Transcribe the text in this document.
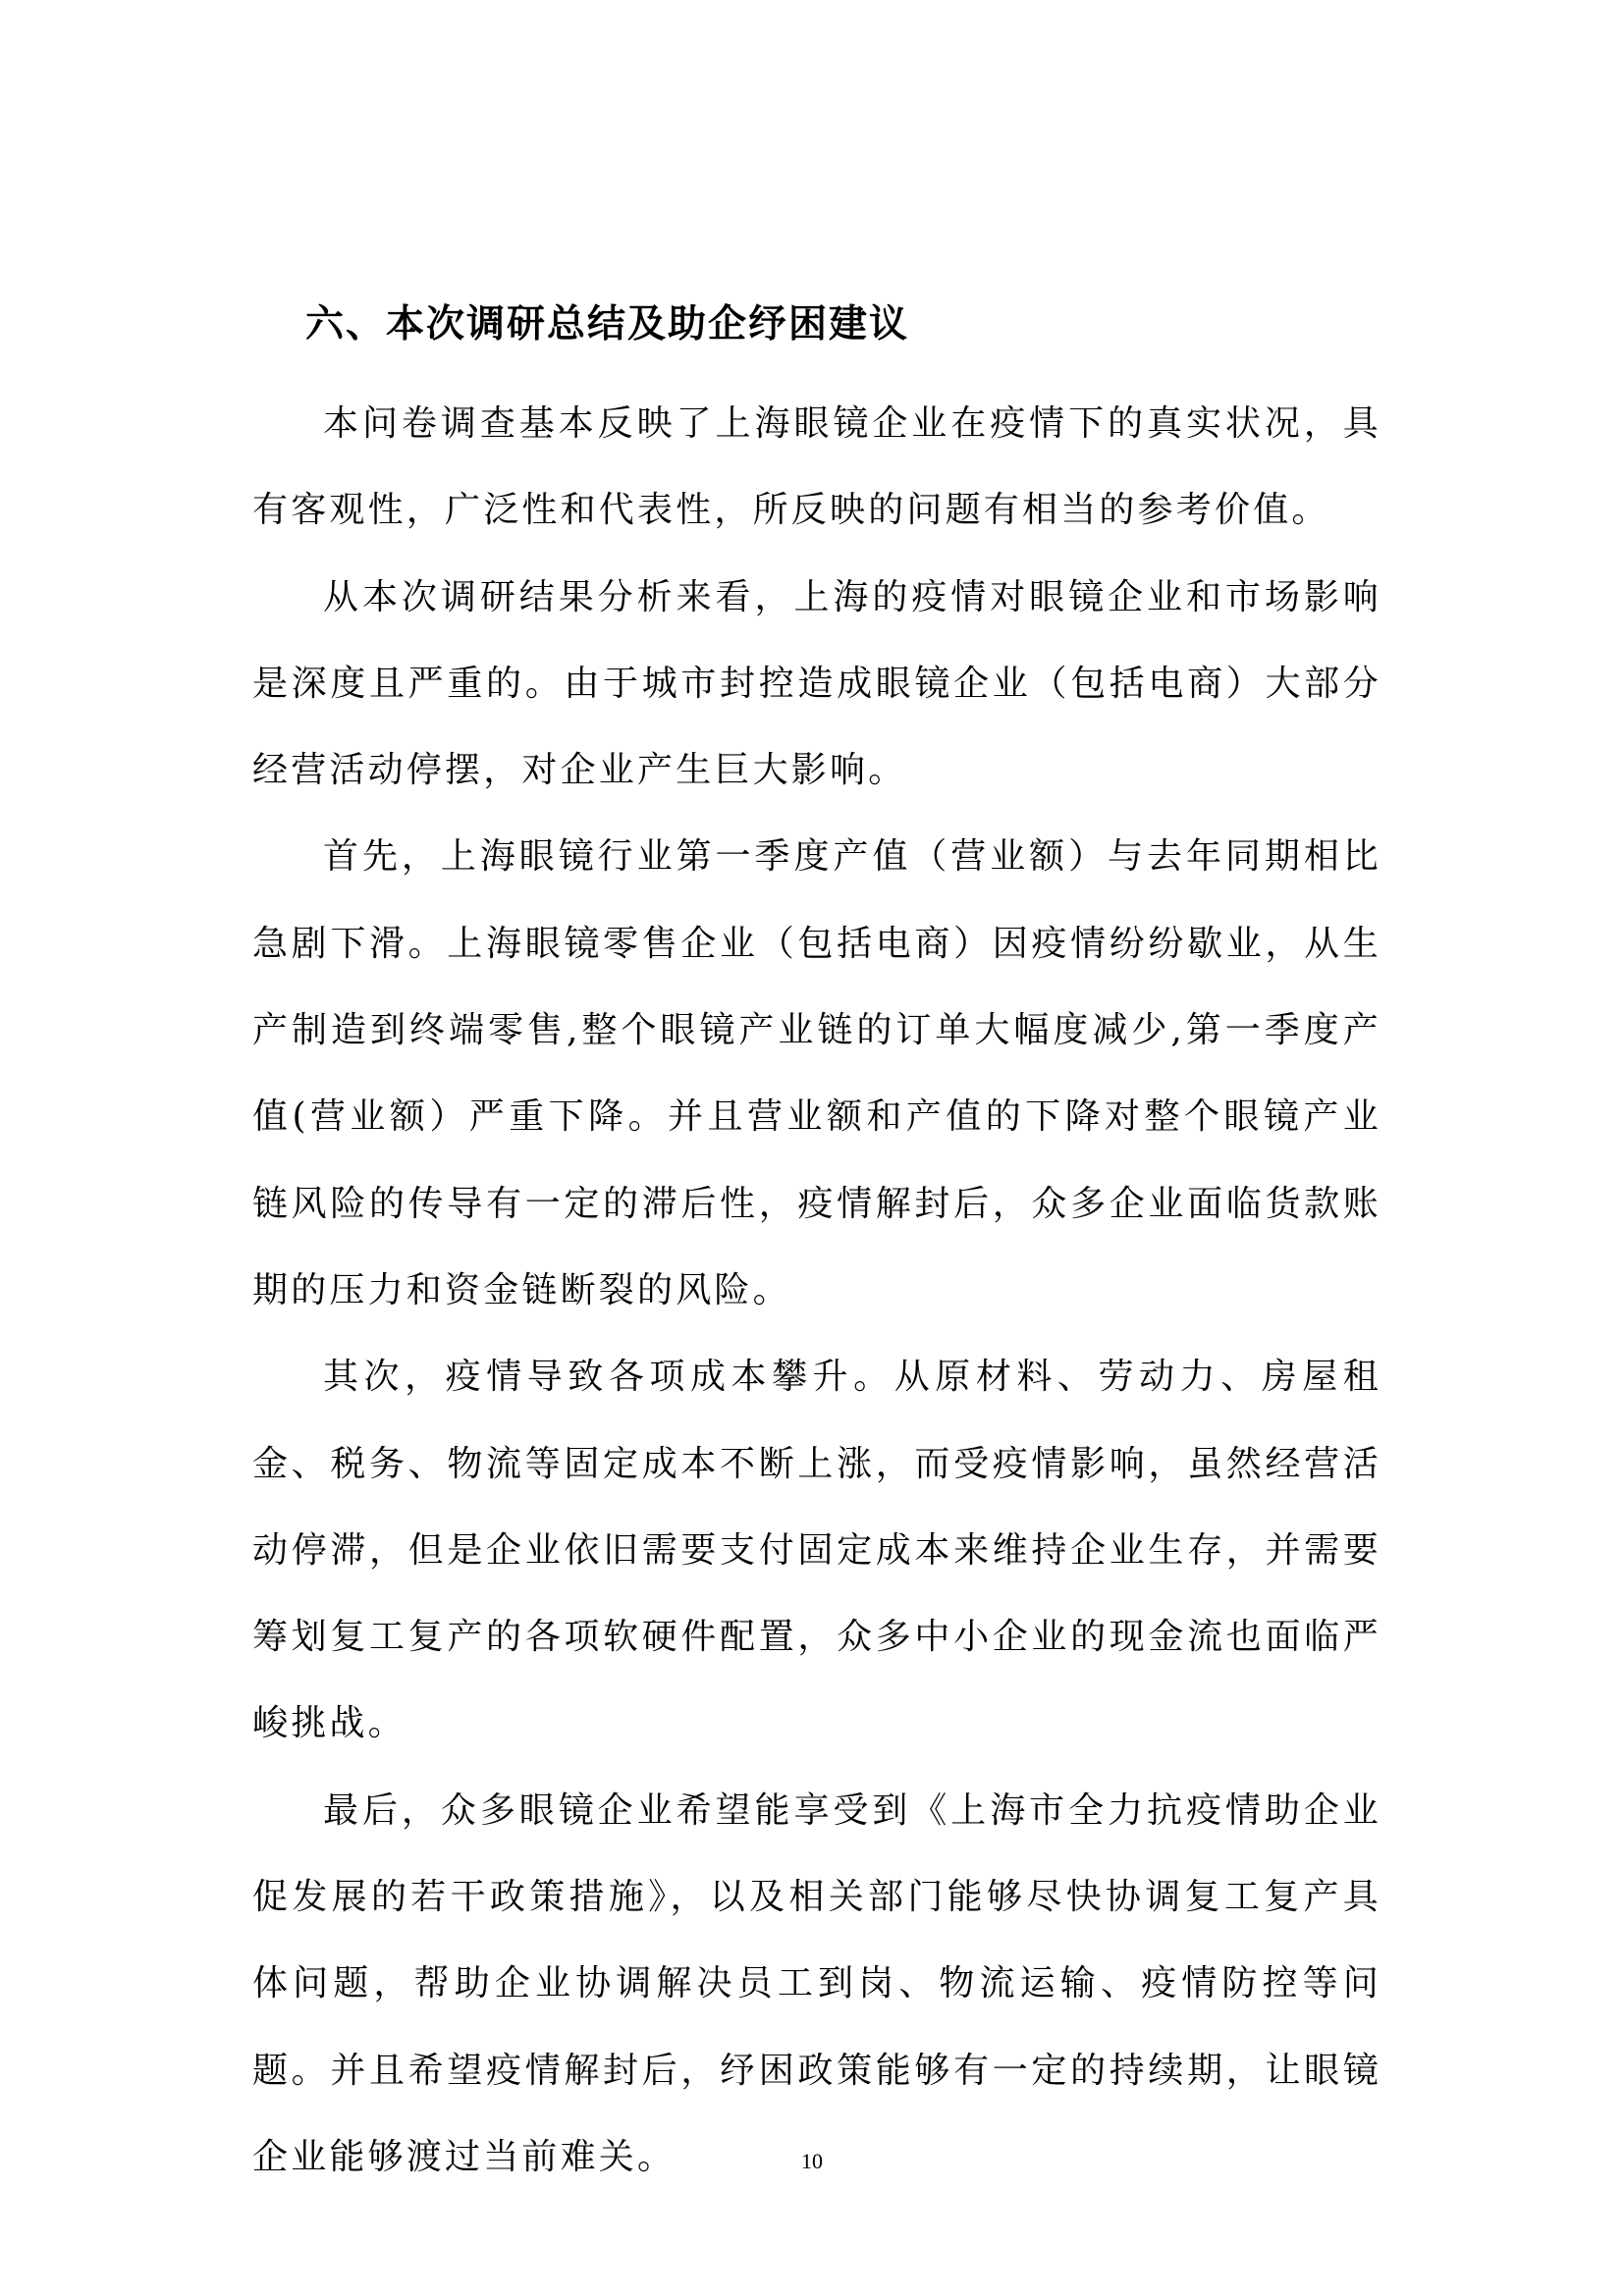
六、本次调研总结及助企纾困建议

本问卷调查基本反映了上海眼镜企业在疫情下的真实状况，具有客观性，广泛性和代表性，所反映的问题有相当的参考价值。

从本次调研结果分析来看，上海的疫情对眼镜企业和市场影响是深度且严重的。由于城市封控造成眼镜企业（包括电商）大部分经营活动停摆，对企业产生巨大影响。

首先，上海眼镜行业第一季度产值（营业额）与去年同期相比急剧下滑。上海眼镜零售企业（包括电商）因疫情纷纷歇业，从生产制造到终端零售,整个眼镜产业链的订单大幅度减少,第一季度产值(营业额）严重下降。并且营业额和产值的下降对整个眼镜产业链风险的传导有一定的滞后性，疫情解封后，众多企业面临货款账期的压力和资金链断裂的风险。

其次，疫情导致各项成本攀升。从原材料、劳动力、房屋租金、税务、物流等固定成本不断上涨，而受疫情影响，虽然经营活动停滞，但是企业依旧需要支付固定成本来维持企业生存，并需要筹划复工复产的各项软硬件配置，众多中小企业的现金流也面临严峻挑战。

最后，众多眼镜企业希望能享受到《上海市全力抗疫情助企业促发展的若干政策措施》，以及相关部门能够尽快协调复工复产具体问题，帮助企业协调解决员工到岗、物流运输、疫情防控等问题。并且希望疫情解封后，纾困政策能够有一定的持续期，让眼镜企业能够渡过当前难关。	10
